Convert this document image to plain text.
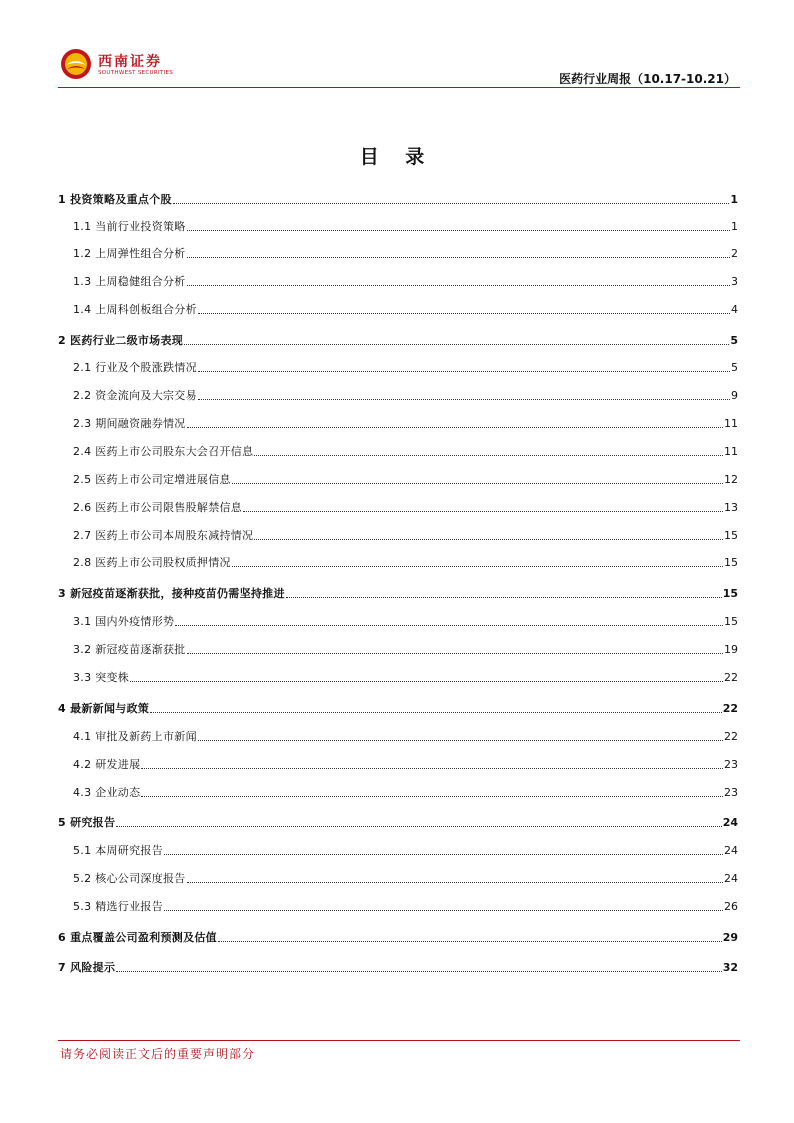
西南证券
SOUTHWEST SECURITIES	医药行业周报（10.17-10.21）
目 录
1 投资策略及重点个股	1
1.1 当前行业投资策略	1
1.2 上周弹性组合分析	2
1.3 上周稳健组合分析	3
1.4 上周科创板组合分析	4
2 医药行业二级市场表现	5
2.1 行业及个股涨跌情况	5
2.2 资金流向及大宗交易	9
2.3 期间融资融券情况	11
2.4 医药上市公司股东大会召开信息	11
2.5 医药上市公司定增进展信息	12
2.6 医药上市公司限售股解禁信息	13
2.7 医药上市公司本周股东减持情况	15
2.8 医药上市公司股权质押情况	15
3 新冠疫苗逐渐获批，接种疫苗仍需坚持推进	15
3.1 国内外疫情形势	15
3.2 新冠疫苗逐渐获批	19
3.3 突变株	22
4 最新新闻与政策	22
4.1 审批及新药上市新闻	22
4.2 研发进展	23
4.3 企业动态	23
5 研究报告	24
5.1 本周研究报告	24
5.2 核心公司深度报告	24
5.3 精选行业报告	26
6 重点覆盖公司盈利预测及估值	29
7 风险提示	32
请务必阅读正文后的重要声明部分
